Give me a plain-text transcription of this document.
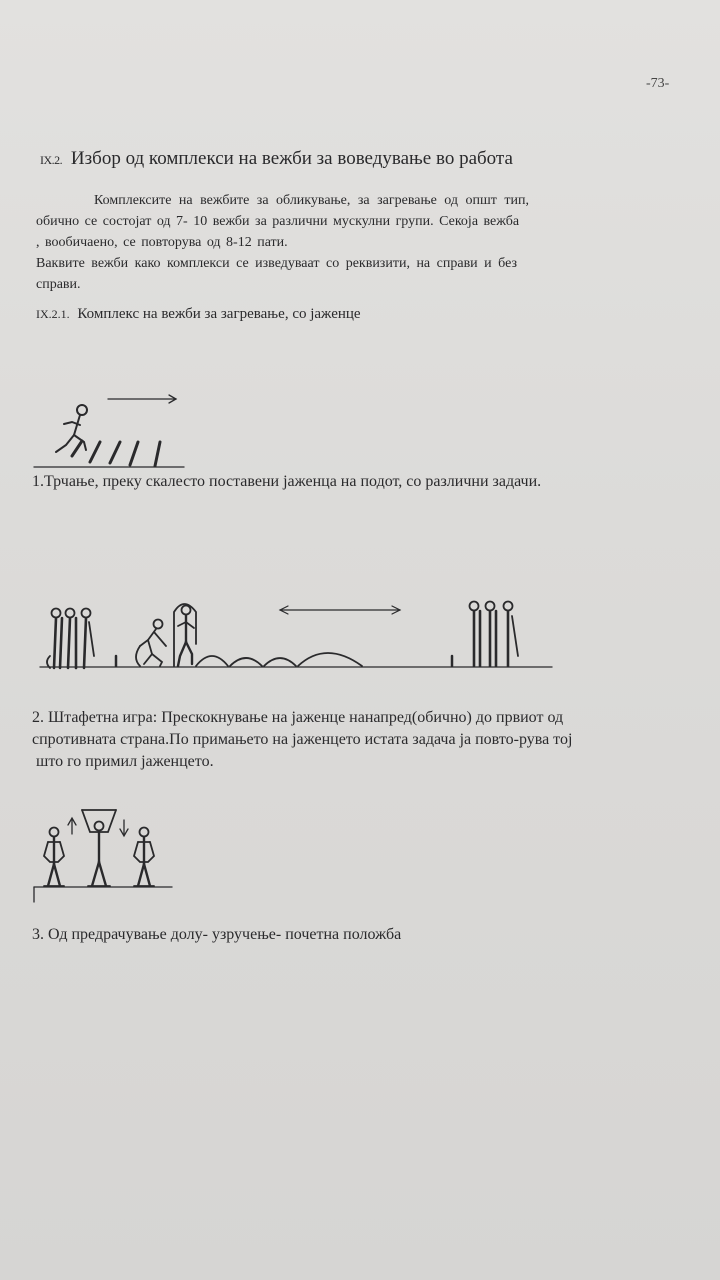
-73-
IX.2. Избор од комплекси на вежби за воведување во работа

Комплексите на вежбите за обликување, за загревање од општ тип,

обично се состојат од 7- 10 вежби за различни мускулни групи. Секоја вежба

, вообичаено, се повторува од 8-12 пати.

Ваквите вежби како комплекси се изведуваат со реквизити, на справи и без

справи.

IX.2.1. Комплекс на вежби за загревање, со јаженце
1.Трчање, преку скалесто поставени јаженца на подот, со различни задачи.
2. Штафетна игра: Прескокнување на јаженце нанапред(обично) до првиот од
спротивната страна.По примањето на јаженцето истата задача ја повто-рува тој
што го примил јаженцето.
3. Од предрачување долу- узручење- почетна положба
